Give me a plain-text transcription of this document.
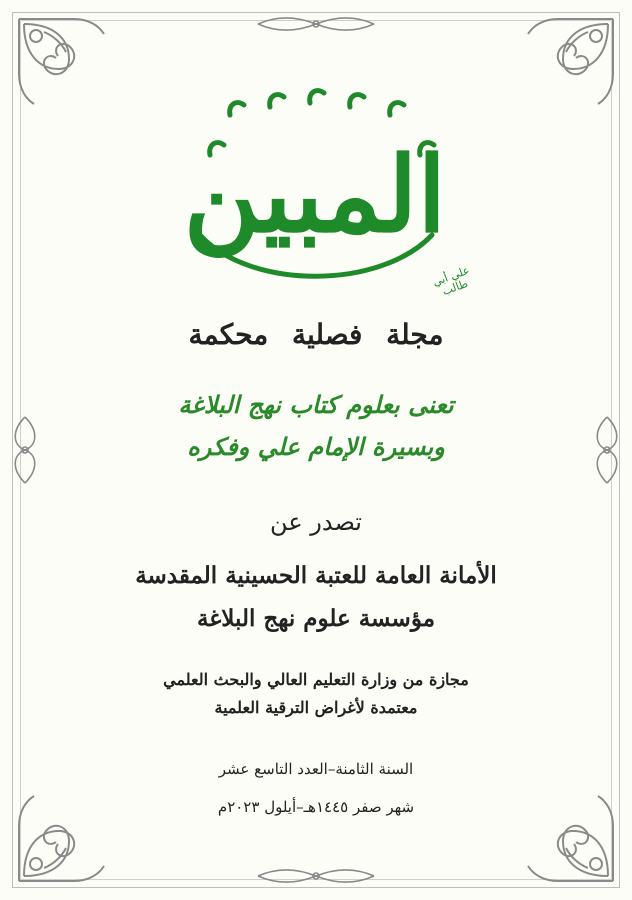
المبين
علي أبي طالب
مجلة فصلية محكمة
تعنى بعلوم كتاب نهج البلاغة
وبسيرة الإمام علي وفكره
تصدر عن
الأمانة العامة للعتبة الحسينية المقدسة
مؤسسة علوم نهج البلاغة
مجازة من وزارة التعليم العالي والبحث العلمي
معتمدة لأغراض الترقية العلمية
السنة الثامنة–العدد التاسع عشر
شهر صفر ١٤٤٥هـ–أيلول ٢٠٢٣م
